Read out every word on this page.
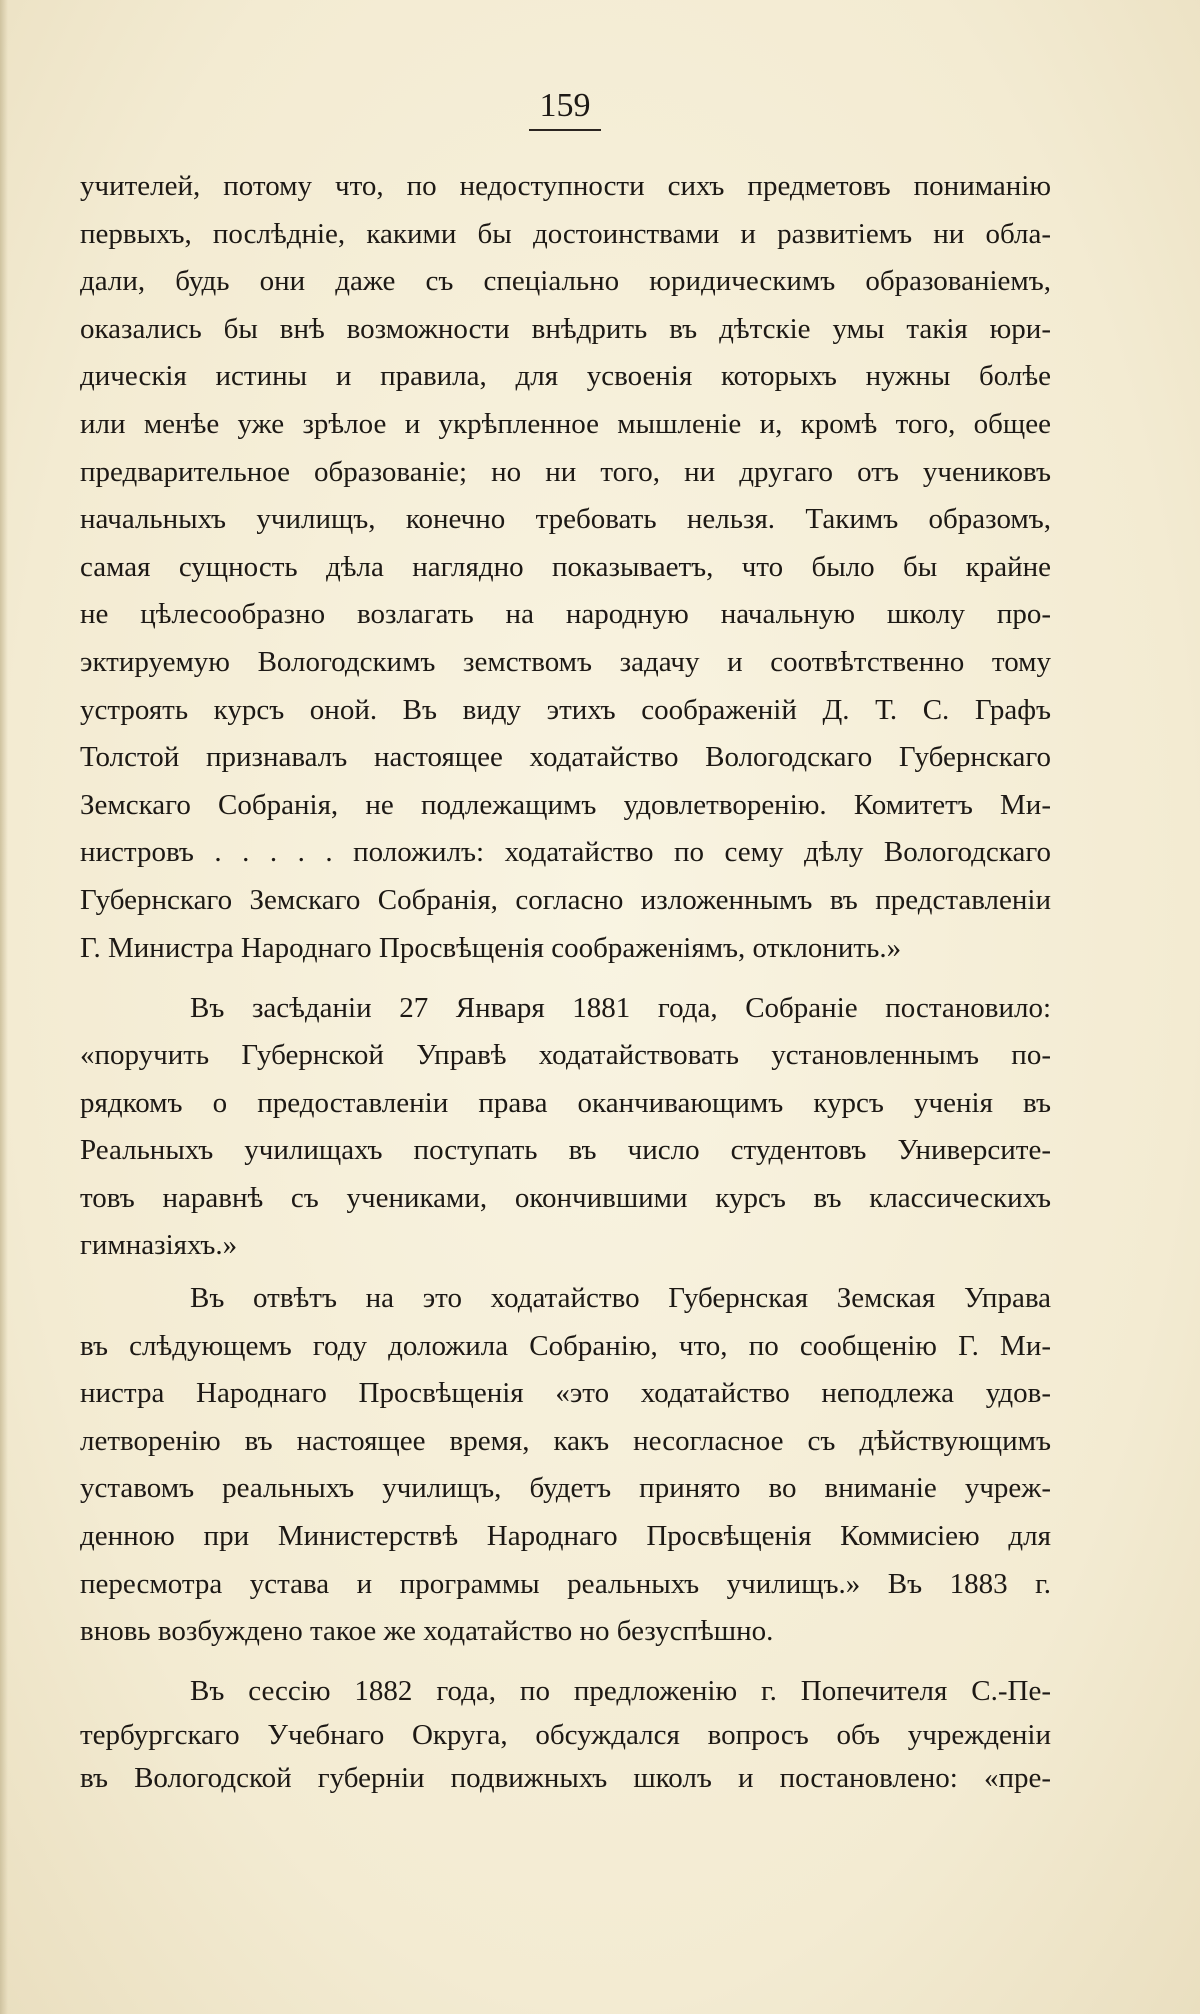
159
учителей, потому что, по недоступности сихъ предметовъ пониманію
первыхъ, послѣдніе, какими бы достоинствами и развитіемъ ни обла-
дали, будь они даже съ спеціально юридическимъ образованіемъ,
оказались бы внѣ возможности внѣдрить въ дѣтскіе умы такія юри-
дическія истины и правила, для усвоенія которыхъ нужны болѣе
или менѣе уже зрѣлое и укрѣпленное мышленіе и, кромѣ того, общее
предварительное образованіе; но ни того, ни другаго отъ учениковъ
начальныхъ училищъ, конечно требовать нельзя. Такимъ образомъ,
самая сущность дѣла наглядно показываетъ, что было бы крайне
не цѣлесообразно возлагать на народную начальную школу про-
эктируемую Вологодскимъ земствомъ задачу и соотвѣтственно тому
устроять курсъ оной. Въ виду этихъ соображеній Д. Т. С. Графъ
Толстой признавалъ настоящее ходатайство Вологодскаго Губернскаго
Земскаго Собранія, не подлежащимъ удовлетворенію. Комитетъ Ми-
нистровъ . . . . . положилъ: ходатайство по сему дѣлу Вологодскаго
Губернскаго Земскаго Собранія, согласно изложеннымъ въ представленіи
Г. Министра Народнаго Просвѣщенія соображеніямъ, отклонить.»
Въ засѣданіи 27 Января 1881 года, Собраніе постановило:
«поручить Губернской Управѣ ходатайствовать установленнымъ по-
рядкомъ о предоставленіи права оканчивающимъ курсъ ученія въ
Реальныхъ училищахъ поступать въ число студентовъ Университе-
товъ наравнѣ съ учениками, окончившими курсъ въ классическихъ
гимназіяхъ.»
Въ отвѣтъ на это ходатайство Губернская Земская Управа
въ слѣдующемъ году доложила Собранію, что, по сообщенію Г. Ми-
нистра Народнаго Просвѣщенія «это ходатайство неподлежа удов-
летворенію въ настоящее время, какъ несогласное съ дѣйствующимъ
уставомъ реальныхъ училищъ, будетъ принято во вниманіе учреж-
денною при Министерствѣ Народнаго Просвѣщенія Коммисіею для
пересмотра устава и программы реальныхъ училищъ.» Въ 1883 г.
вновь возбуждено такое же ходатайство но безуспѣшно.
Въ сессію 1882 года, по предложенію г. Попечителя С.-Пе-
тербургскаго Учебнаго Округа, обсуждался вопросъ объ учрежденіи
въ Вологодской губерніи подвижныхъ школъ и постановлено: «пре-
